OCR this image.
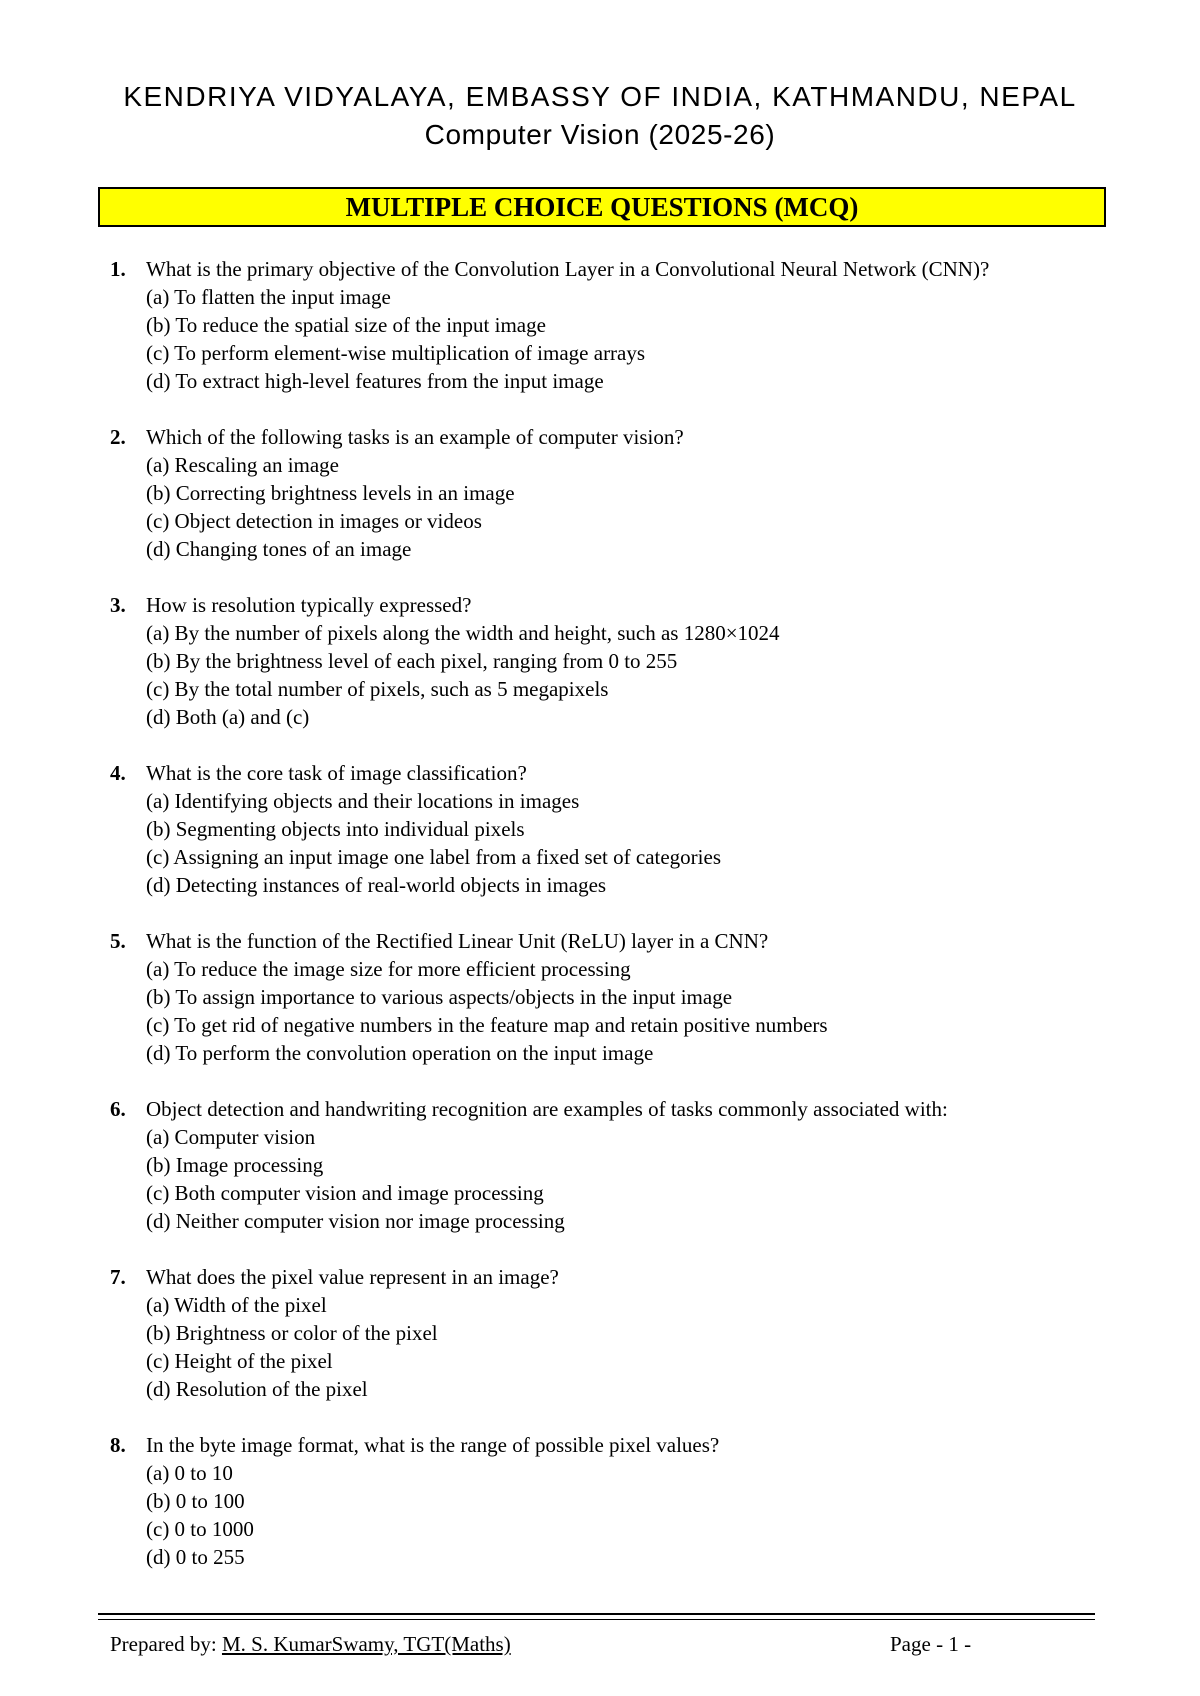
KENDRIYA VIDYALAYA, EMBASSY OF INDIA, KATHMANDU, NEPAL
Computer Vision (2025-26)
MULTIPLE CHOICE QUESTIONS (MCQ)
1. What is the primary objective of the Convolution Layer in a Convolutional Neural Network (CNN)?
(a) To flatten the input image
(b) To reduce the spatial size of the input image
(c) To perform element-wise multiplication of image arrays
(d) To extract high-level features from the input image
2. Which of the following tasks is an example of computer vision?
(a) Rescaling an image
(b) Correcting brightness levels in an image
(c) Object detection in images or videos
(d) Changing tones of an image
3. How is resolution typically expressed?
(a) By the number of pixels along the width and height, such as 1280×1024
(b) By the brightness level of each pixel, ranging from 0 to 255
(c) By the total number of pixels, such as 5 megapixels
(d) Both (a) and (c)
4. What is the core task of image classification?
(a) Identifying objects and their locations in images
(b) Segmenting objects into individual pixels
(c) Assigning an input image one label from a fixed set of categories
(d) Detecting instances of real-world objects in images
5. What is the function of the Rectified Linear Unit (ReLU) layer in a CNN?
(a) To reduce the image size for more efficient processing
(b) To assign importance to various aspects/objects in the input image
(c) To get rid of negative numbers in the feature map and retain positive numbers
(d) To perform the convolution operation on the input image
6. Object detection and handwriting recognition are examples of tasks commonly associated with:
(a) Computer vision
(b) Image processing
(c) Both computer vision and image processing
(d) Neither computer vision nor image processing
7. What does the pixel value represent in an image?
(a) Width of the pixel
(b) Brightness or color of the pixel
(c) Height of the pixel
(d) Resolution of the pixel
8. In the byte image format, what is the range of possible pixel values?
(a) 0 to 10
(b) 0 to 100
(c) 0 to 1000
(d) 0 to 255
Prepared by: M. S. KumarSwamy, TGT(Maths)	Page - 1 -
